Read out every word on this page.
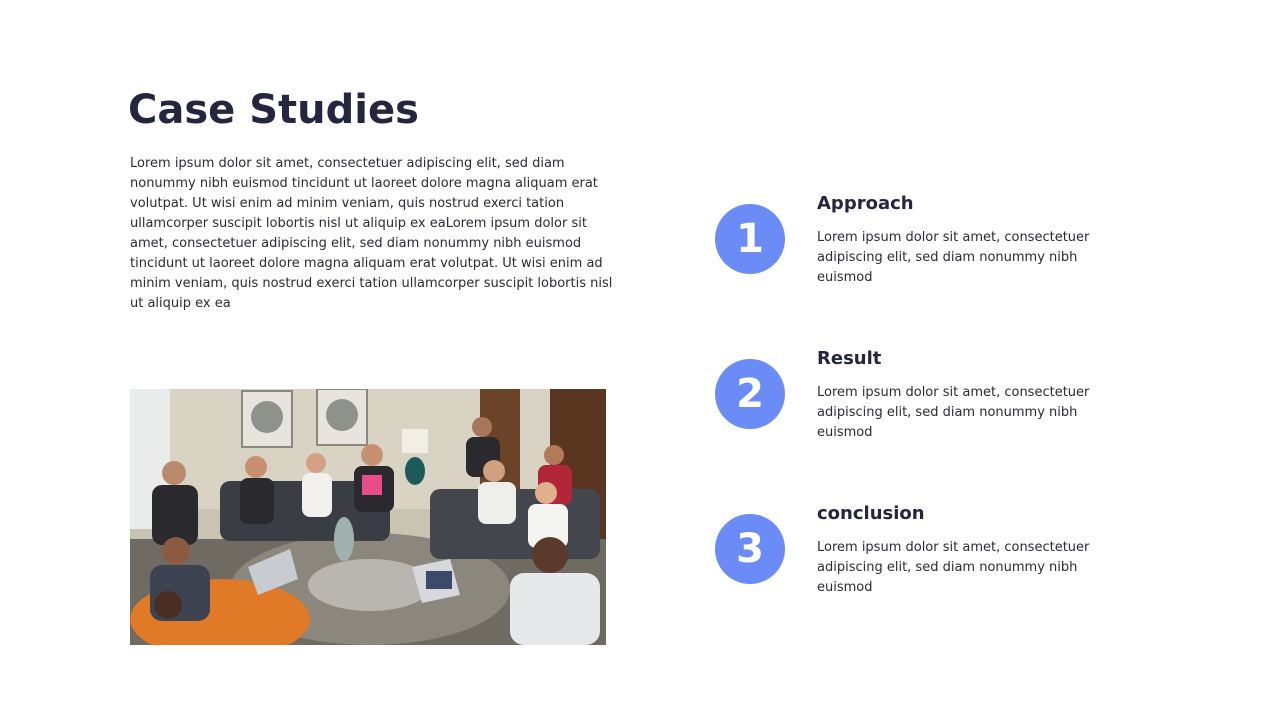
Case Studies

Lorem ipsum dolor sit amet, consectetuer adipiscing elit, sed diam nonummy nibh euismod tincidunt ut laoreet dolore magna aliquam erat volutpat. Ut wisi enim ad minim veniam, quis nostrud exerci tation ullamcorper suscipit lobortis nisl ut aliquip ex eaLorem ipsum dolor sit amet, consectetuer adipiscing elit, sed diam nonummy nibh euismod tincidunt ut laoreet dolore magna aliquam erat volutpat. Ut wisi enim ad minim veniam, quis nostrud exerci tation ullamcorper suscipit lobortis nisl ut aliquip ex ea

1
Approach

Lorem ipsum dolor sit amet, consectetuer adipiscing elit, sed diam nonummy nibh euismod

2
Result

Lorem ipsum dolor sit amet, consectetuer adipiscing elit, sed diam nonummy nibh euismod

3
conclusion

Lorem ipsum dolor sit amet, consectetuer adipiscing elit, sed diam nonummy nibh euismod
